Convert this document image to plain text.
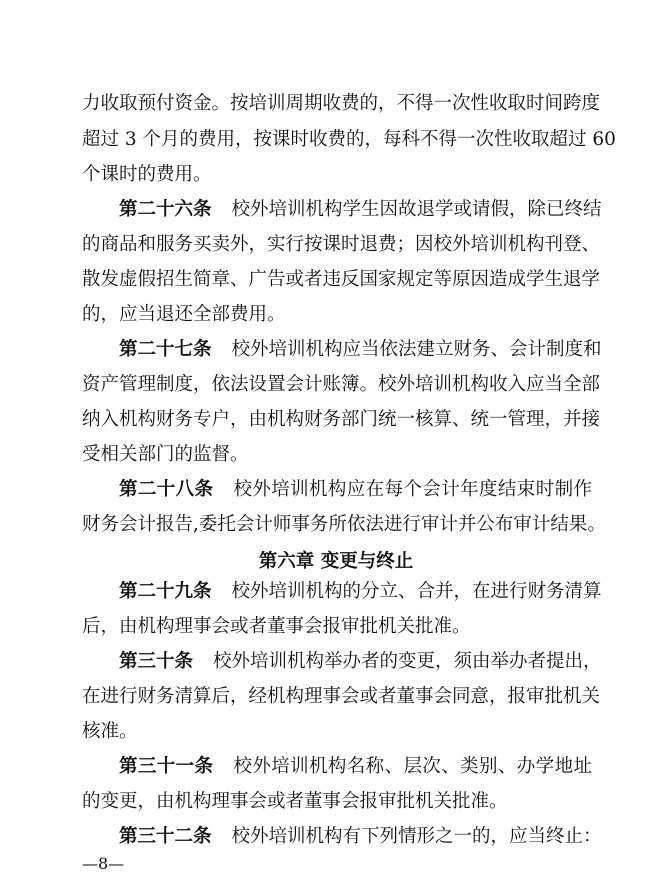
力收取预付资金。按培训周期收费的，不得一次性收取时间跨度
超过 3 个月的费用，按课时收费的，每科不得一次性收取超过 60
个课时的费用。
第二十六条 校外培训机构学生因故退学或请假，除已终结
的商品和服务买卖外，实行按课时退费；因校外培训机构刊登、
散发虚假招生简章、广告或者违反国家规定等原因造成学生退学
的，应当退还全部费用。
第二十七条 校外培训机构应当依法建立财务、会计制度和
资产管理制度，依法设置会计账簿。校外培训机构收入应当全部
纳入机构财务专户，由机构财务部门统一核算、统一管理，并接
受相关部门的监督。
第二十八条 校外培训机构应在每个会计年度结束时制作
财务会计报告,委托会计师事务所依法进行审计并公布审计结果。
第六章 变更与终止
第二十九条 校外培训机构的分立、合并，在进行财务清算
后，由机构理事会或者董事会报审批机关批准。
第三十条 校外培训机构举办者的变更，须由举办者提出，
在进行财务清算后，经机构理事会或者董事会同意，报审批机关
核准。
第三十一条 校外培训机构名称、层次、类别、办学地址
的变更，由机构理事会或者董事会报审批机关批准。
第三十二条 校外培训机构有下列情形之一的，应当终止：
—8—
